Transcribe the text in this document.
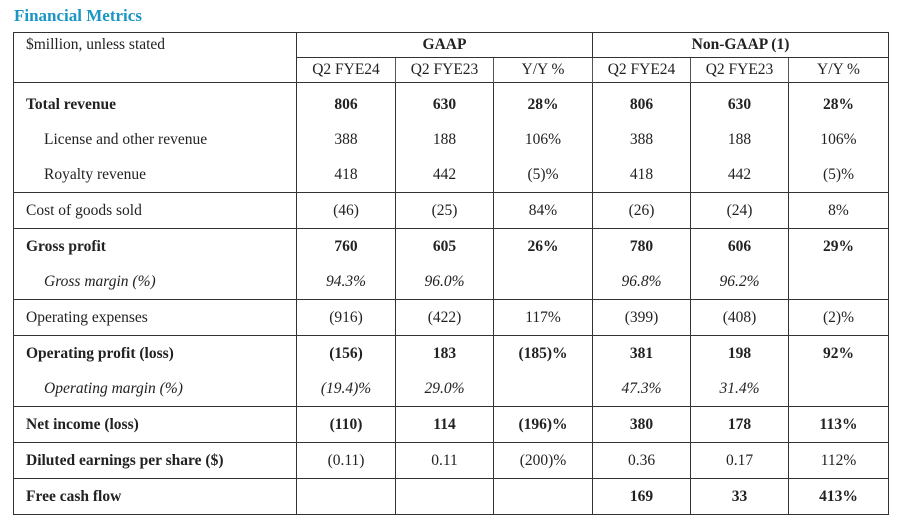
Financial Metrics
$million, unless stated	GAAP			Non-GAAP (1)		
	Q2 FYE24	Q2 FYE23	Y/Y %	Q2 FYE24	Q2 FYE23	Y/Y %
Total revenue	806	630	28%	806	630	28%
License and other revenue	388	188	106%	388	188	106%
Royalty revenue	418	442	(5)%	418	442	(5)%
Cost of goods sold	(46)	(25)	84%	(26)	(24)	8%
Gross profit	760	605	26%	780	606	29%
Gross margin (%)	94.3%	96.0%		96.8%	96.2%	
Operating expenses	(916)	(422)	117%	(399)	(408)	(2)%
Operating profit (loss)	(156)	183	(185)%	381	198	92%
Operating margin (%)	(19.4)%	29.0%		47.3%	31.4%	
Net income (loss)	(110)	114	(196)%	380	178	113%
Diluted earnings per share ($)	(0.11)	0.11	(200)%	0.36	0.17	112%
Free cash flow				169	33	413%
